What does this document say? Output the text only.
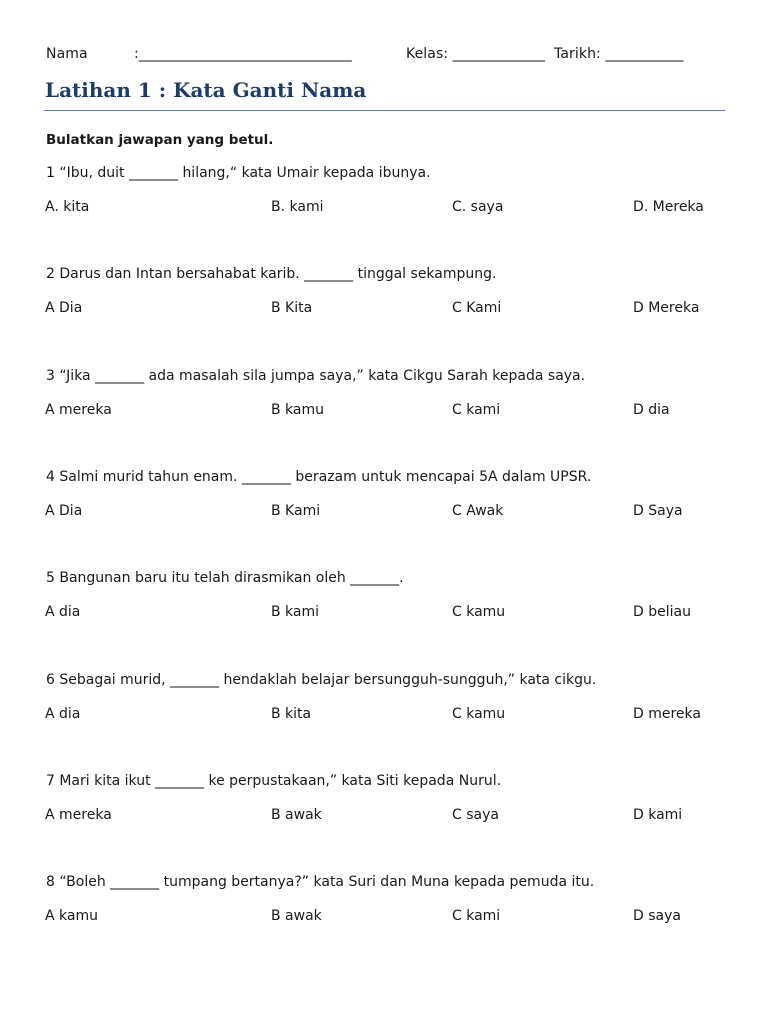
Nama	:______________________________	Kelas: _____________ Tarikh: ___________
Latihan 1 : Kata Ganti Nama
Bulatkan jawapan yang betul.
1 “Ibu, duit _______ hilang,“ kata Umair kepada ibunya.
A. kita	B. kami	C. saya	D. Mereka
2 Darus dan Intan bersahabat karib. _______ tinggal sekampung.
A Dia	B Kita	C Kami	D Mereka
3 “Jika _______ ada masalah sila jumpa saya,” kata Cikgu Sarah kepada saya.
A mereka	B kamu	C kami	D dia
4 Salmi murid tahun enam. _______ berazam untuk mencapai 5A dalam UPSR.
A Dia	B Kami	C Awak	D Saya
5 Bangunan baru itu telah dirasmikan oleh _______.
A dia	B kami	C kamu	D beliau
6 Sebagai murid, _______ hendaklah belajar bersungguh-sungguh,” kata cikgu.
A dia	B kita	C kamu	D mereka
7 Mari kita ikut _______ ke perpustakaan,” kata Siti kepada Nurul.
A mereka	B awak	C saya	D kami
8 “Boleh _______ tumpang bertanya?” kata Suri dan Muna kepada pemuda itu.
A kamu	B awak	C kami	D saya
